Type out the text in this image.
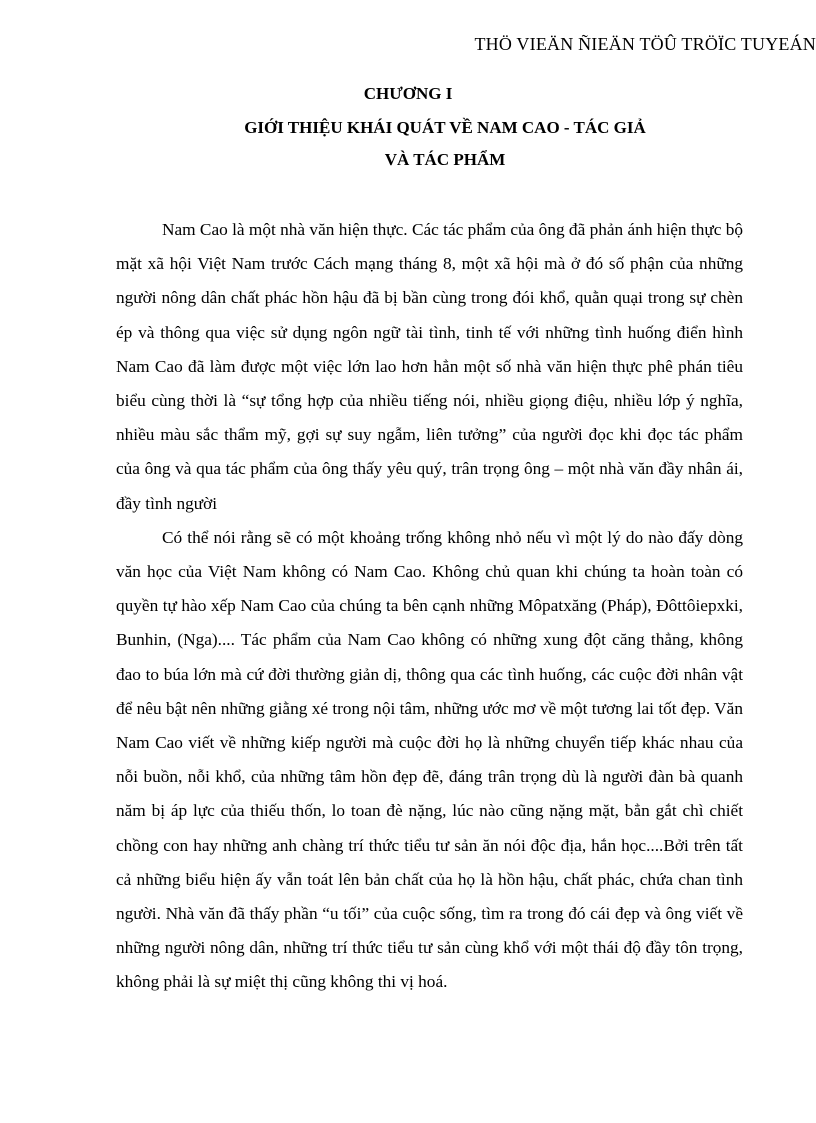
THÖ VIEÄN ÑIEÄN TÖÛ TRÖÏC TUYEÁN
CHƯƠNG I
GIỚI THIỆU KHÁI QUÁT VỀ NAM CAO - TÁC GIẢ
VÀ TÁC PHẨM

Nam Cao là một nhà văn hiện thực. Các tác phẩm của ông đã phản ánh hiện thực bộ mặt xã hội Việt Nam trước Cách mạng tháng 8, một xã hội mà ở đó số phận của những người nông dân chất phác hồn hậu đã bị bần cùng trong đói khổ, quằn quại trong sự chèn ép và thông qua việc sử dụng ngôn ngữ tài tình, tinh tế với những tình huống điển hình Nam Cao đã làm được một việc lớn lao hơn hẳn một số nhà văn hiện thực phê phán tiêu biểu cùng thời là “sự tổng hợp của nhiều tiếng nói, nhiều giọng điệu, nhiều lớp ý nghĩa, nhiều màu sắc thẩm mỹ, gợi sự suy ngẫm, liên tưởng” của người đọc khi đọc tác phẩm của ông và qua tác phẩm của ông thấy yêu quý, trân trọng ông – một nhà văn đầy nhân ái, đầy tình người

Có thể nói rằng sẽ có một khoảng trống không nhỏ nếu vì một lý do nào đấy dòng văn học của Việt Nam không có Nam Cao. Không chủ quan khi chúng ta hoàn toàn có quyền tự hào xếp Nam Cao của chúng ta bên cạnh những Môpatxăng (Pháp), Đôttôiepxki, Bunhin, (Nga).... Tác phẩm của Nam Cao không có những xung đột căng thẳng, không đao to búa lớn mà cứ đời thường giản dị, thông qua các tình huống, các cuộc đời nhân vật để nêu bật nên những giằng xé trong nội tâm, những ước mơ về một tương lai tốt đẹp. Văn Nam Cao viết về những kiếp người mà cuộc đời họ là những chuyển tiếp khác nhau của nỗi buồn, nỗi khổ, của những tâm hồn đẹp đẽ, đáng trân trọng dù là người đàn bà quanh năm bị áp lực của thiếu thốn, lo toan đè nặng, lúc nào cũng nặng mặt, bẳn gắt chì chiết chồng con hay những anh chàng trí thức tiểu tư sản ăn nói độc địa, hắn học....Bởi trên tất cả những biểu hiện ấy vẫn toát lên bản chất của họ là hồn hậu, chất phác, chứa chan tình người. Nhà văn đã thấy phần “u tối” của cuộc sống, tìm ra trong đó cái đẹp và ông viết về những người nông dân, những trí thức tiểu tư sản cùng khổ với một thái độ đầy tôn trọng, không phải là sự miệt thị cũng không thi vị hoá.
